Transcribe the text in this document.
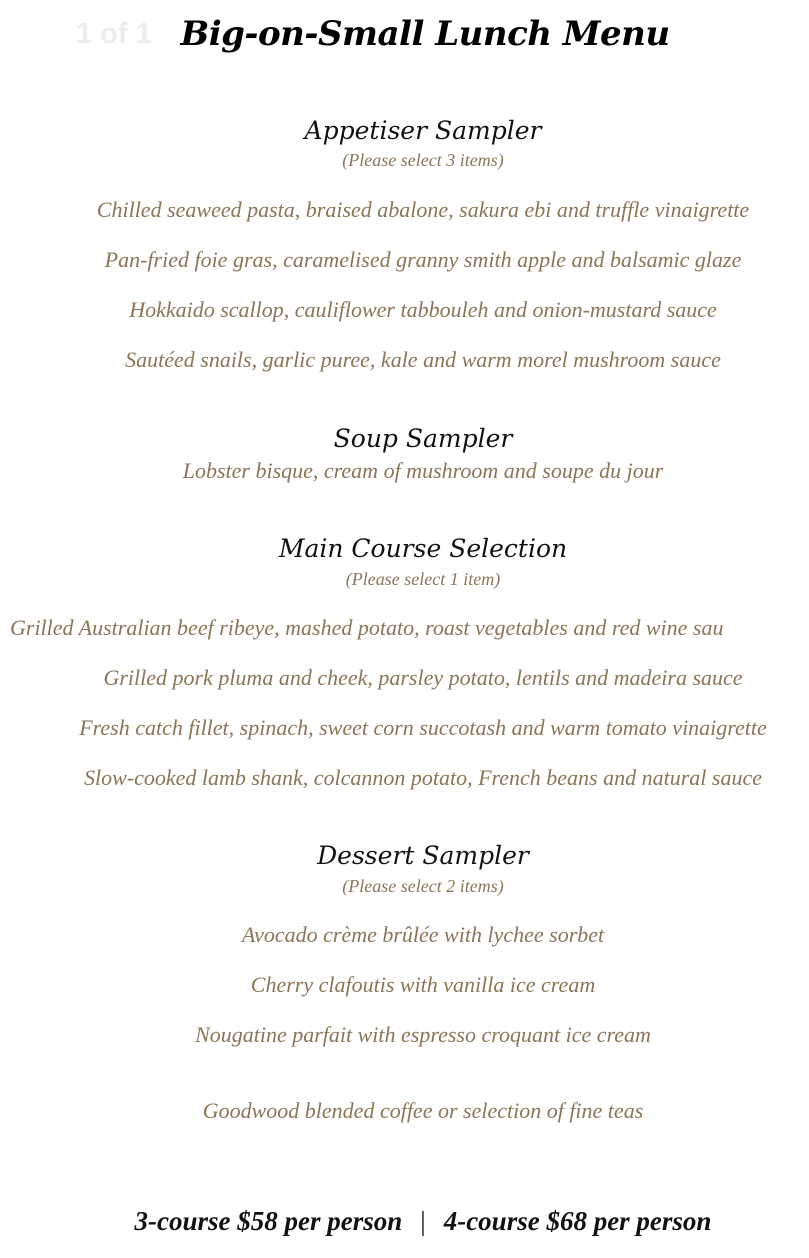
1 of 1 Big-on-Small Lunch Menu
Appetiser Sampler
(Please select 3 items)
Chilled seaweed pasta, braised abalone, sakura ebi and truffle vinaigrette
Pan-fried foie gras, caramelised granny smith apple and balsamic glaze
Hokkaido scallop, cauliflower tabbouleh and onion-mustard sauce
Sautéed snails, garlic puree, kale and warm morel mushroom sauce
Soup Sampler
Lobster bisque, cream of mushroom and soupe du jour
Main Course Selection
(Please select 1 item)
Grilled Australian beef ribeye, mashed potato, roast vegetables and red wine sau
Grilled pork pluma and cheek, parsley potato, lentils and madeira sauce
Fresh catch fillet, spinach, sweet corn succotash and warm tomato vinaigrette
Slow-cooked lamb shank, colcannon potato, French beans and natural sauce
Dessert Sampler
(Please select 2 items)
Avocado crème brûlée with lychee sorbet
Cherry clafoutis with vanilla ice cream
Nougatine parfait with espresso croquant ice cream
Goodwood blended coffee or selection of fine teas
3-course $58 per person | 4-course $68 per person
